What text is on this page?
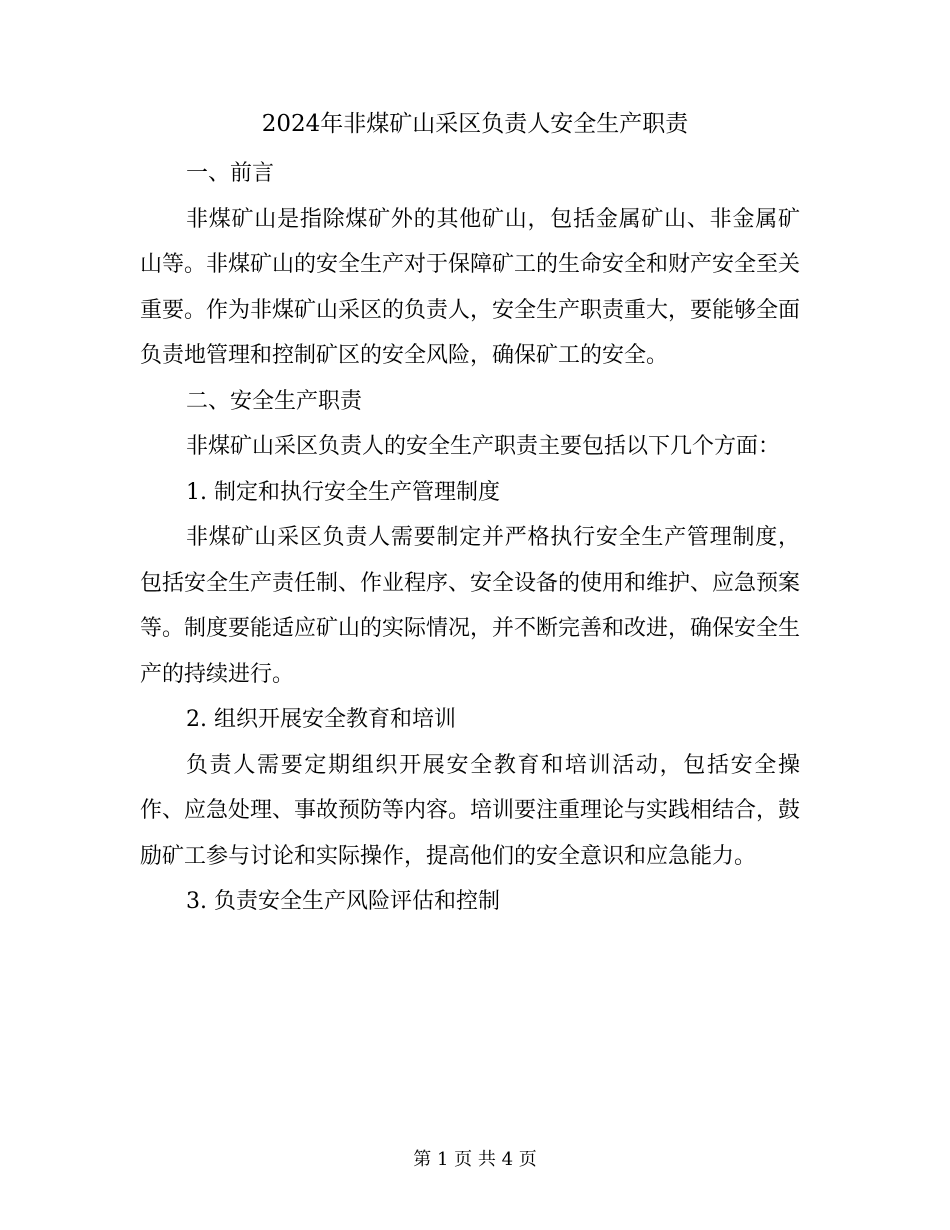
2024年非煤矿山采区负责人安全生产职责

一、前言

非煤矿山是指除煤矿外的其他矿山，包括金属矿山、非金属矿山等。非煤矿山的安全生产对于保障矿工的生命安全和财产安全至关重要。作为非煤矿山采区的负责人，安全生产职责重大，要能够全面负责地管理和控制矿区的安全风险，确保矿工的安全。

二、安全生产职责

非煤矿山采区负责人的安全生产职责主要包括以下几个方面：

1. 制定和执行安全生产管理制度

非煤矿山采区负责人需要制定并严格执行安全生产管理制度，包括安全生产责任制、作业程序、安全设备的使用和维护、应急预案等。制度要能适应矿山的实际情况，并不断完善和改进，确保安全生产的持续进行。

2. 组织开展安全教育和培训

负责人需要定期组织开展安全教育和培训活动，包括安全操作、应急处理、事故预防等内容。培训要注重理论与实践相结合，鼓励矿工参与讨论和实际操作，提高他们的安全意识和应急能力。

3. 负责安全生产风险评估和控制

第 1 页 共 4 页
